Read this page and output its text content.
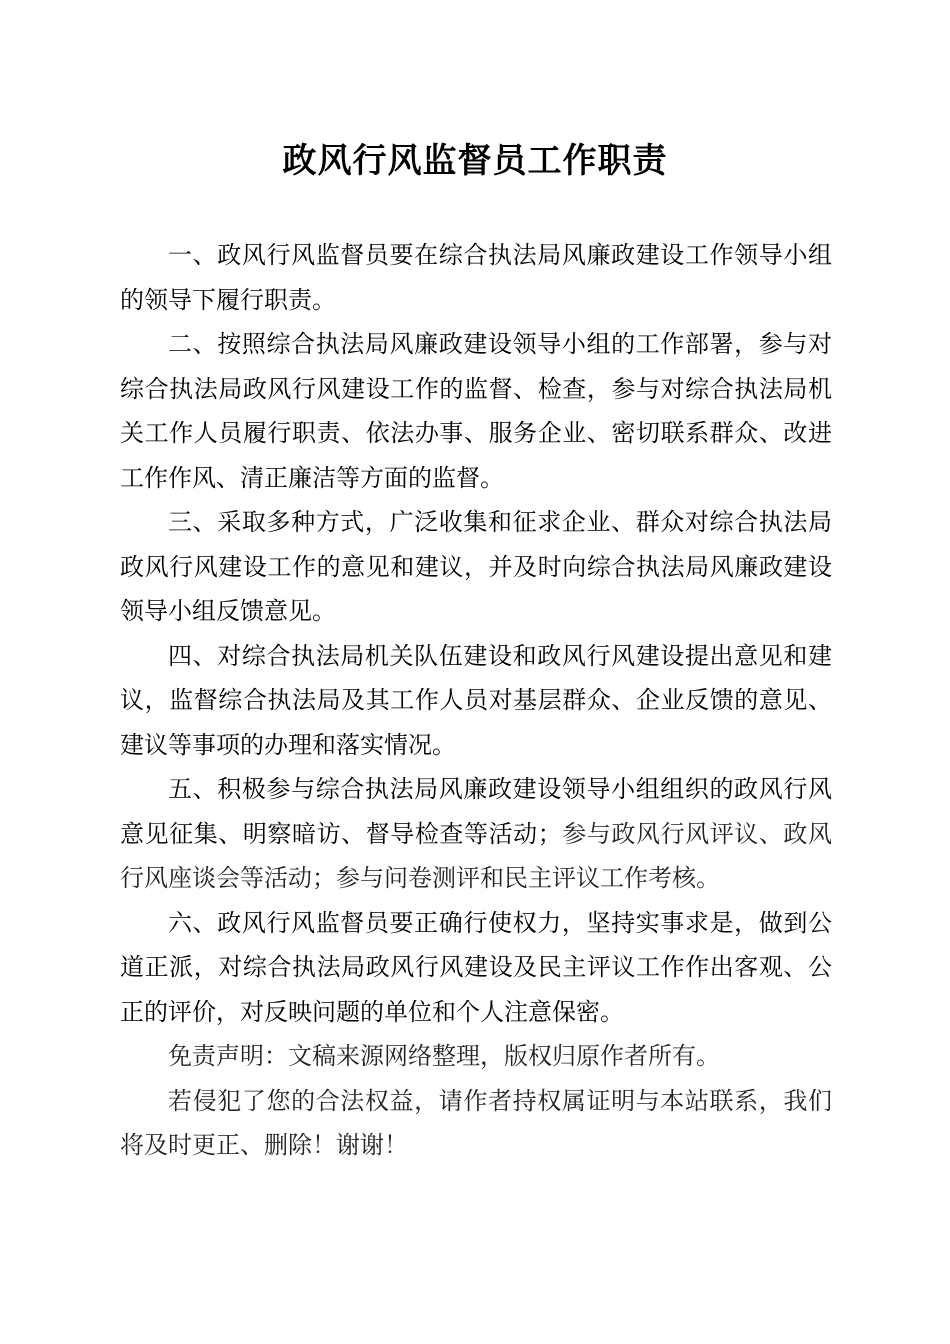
政风行风监督员工作职责

一、政风行风监督员要在综合执法局风廉政建设工作领导小组的领导下履行职责。

二、按照综合执法局风廉政建设领导小组的工作部署，参与对综合执法局政风行风建设工作的监督、检查，参与对综合执法局机关工作人员履行职责、依法办事、服务企业、密切联系群众、改进工作作风、清正廉洁等方面的监督。

三、采取多种方式，广泛收集和征求企业、群众对综合执法局政风行风建设工作的意见和建议，并及时向综合执法局风廉政建设领导小组反馈意见。

四、对综合执法局机关队伍建设和政风行风建设提出意见和建议，监督综合执法局及其工作人员对基层群众、企业反馈的意见、建议等事项的办理和落实情况。

五、积极参与综合执法局风廉政建设领导小组组织的政风行风意见征集、明察暗访、督导检查等活动；参与政风行风评议、政风行风座谈会等活动；参与问卷测评和民主评议工作考核。

六、政风行风监督员要正确行使权力，坚持实事求是，做到公道正派，对综合执法局政风行风建设及民主评议工作作出客观、公正的评价，对反映问题的单位和个人注意保密。

免责声明：文稿来源网络整理，版权归原作者所有。

若侵犯了您的合法权益，请作者持权属证明与本站联系，我们将及时更正、删除！谢谢！
